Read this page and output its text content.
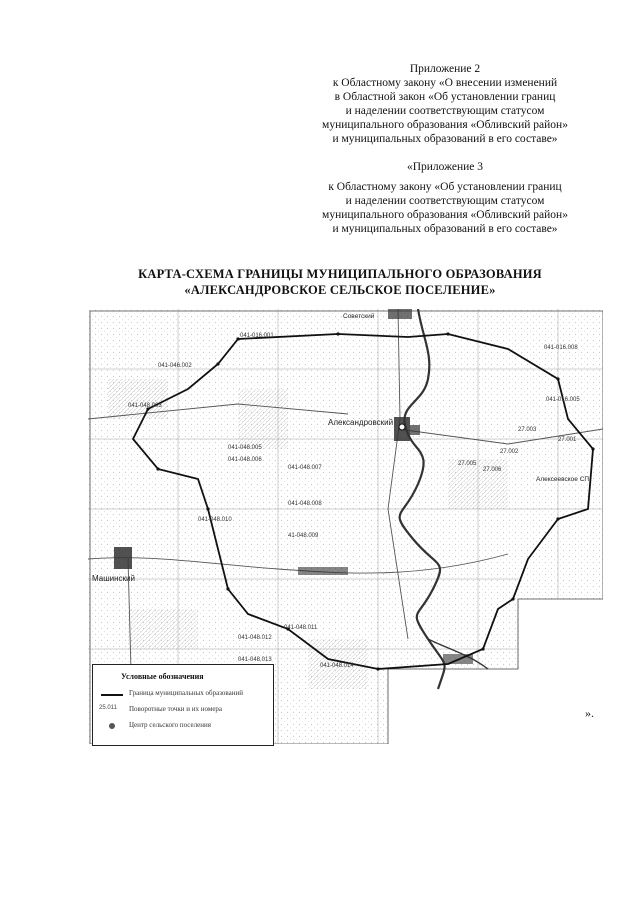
Приложение 2
к Областному закону «О внесении изменений
в Областной закон «Об установлении границ
и наделении соответствующим статусом
муниципального образования «Обливский район»
и муниципальных образований в его составе»
«Приложение 3
к Областному закону «Об установлении границ
и наделении соответствующим статусом
муниципального образования «Обливский район»
и муниципальных образований в его составе»
КАРТА-СХЕМА ГРАНИЦЫ МУНИЦИПАЛЬНОГО ОБРАЗОВАНИЯ
«АЛЕКСАНДРОВСКОЕ СЕЛЬСКОЕ ПОСЕЛЕНИЕ»
Александровский
Машинский
Советский
Алексеевское СП
041-016.001
041-046.002
041-048.003
041-048.005
041-048.006
041-048.007
041-048.008
041-048.010
041-048.011
041-048.012
041-048.013
041-048.014
41-048.009
27.001
27.002
27.003
27.005
27.006
041-016.005
041-016.008
Условные обозначения
Граница муниципальных образований
25.011	Поворотные точки и их номера
Центр сельского поселения
».
